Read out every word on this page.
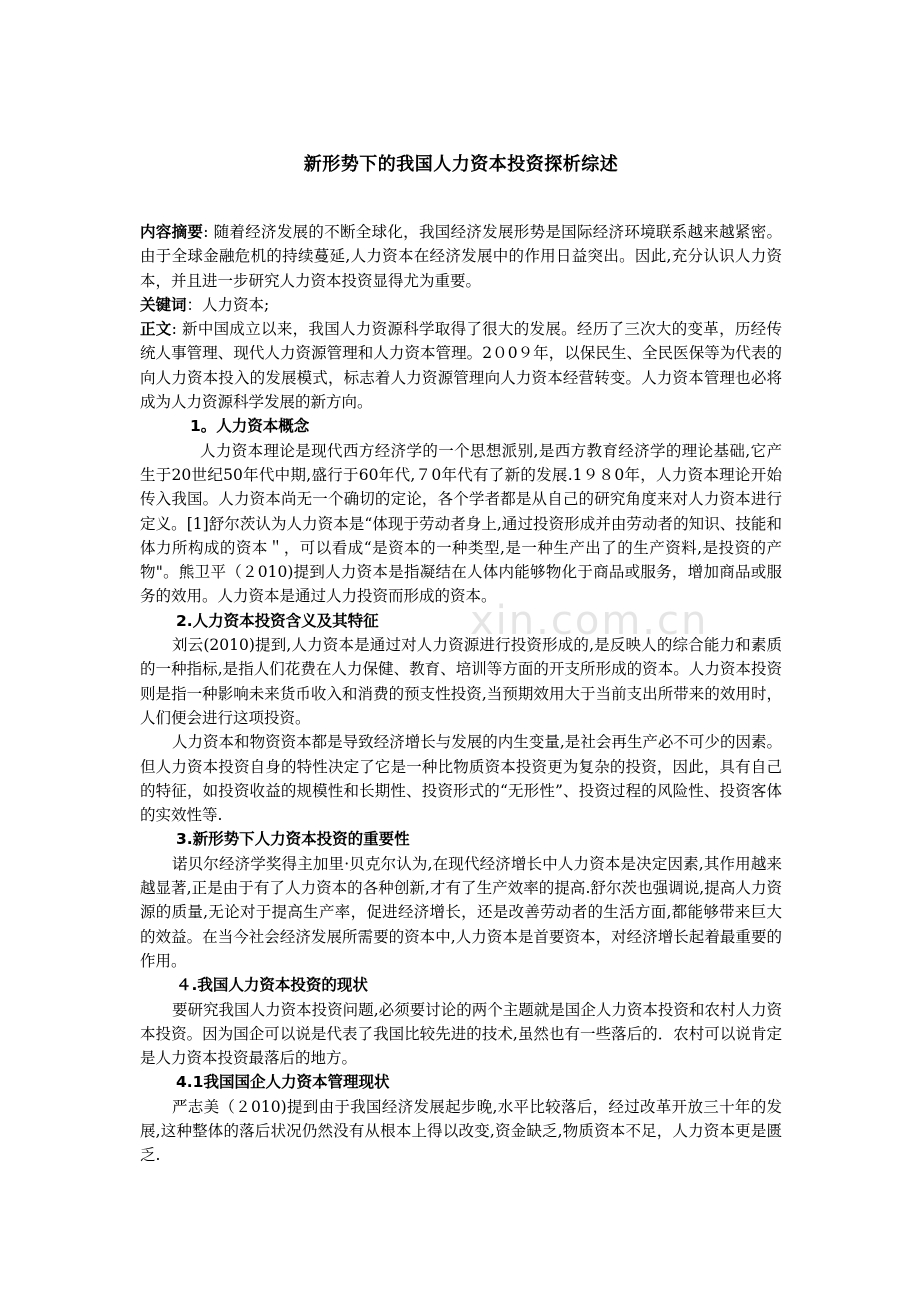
xin.com.cn
新形势下的我国人力资本投资探析综述

内容摘要: 随着经济发展的不断全球化，我国经济发展形势是国际经济环境联系越来越紧密。由于全球金融危机的持续蔓延,人力资本在经济发展中的作用日益突出。因此,充分认识人力资本，并且进一步研究人力资本投资显得尤为重要。

关键词：人力资本;

正文: 新中国成立以来，我国人力资源科学取得了很大的发展。经历了三次大的变革，历经传统人事管理、现代人力资源管理和人力资本管理。2０0９年，以保民生、全民医保等为代表的向人力资本投入的发展模式，标志着人力资源管理向人力资本经营转变。人力资本管理也必将成为人力资源科学发展的新方向。

1。人力资本概念

人力资本理论是现代西方经济学的一个思想派别,是西方教育经济学的理论基础,它产生于20世纪50年代中期,盛行于60年代,７0年代有了新的发展.1９８0年，人力资本理论开始传入我国。人力资本尚无一个确切的定论，各个学者都是从自己的研究角度来对人力资本进行定义。[1]舒尔茨认为人力资本是“体现于劳动者身上,通过投资形成并由劳动者的知识、技能和体力所构成的资本＂，可以看成“是资本的一种类型,是一种生产出了的生产资料,是投资的产物"。熊卫平（２010)提到人力资本是指凝结在人体内能够物化于商品或服务，增加商品或服务的效用。人力资本是通过人力投资而形成的资本。

2.人力资本投资含义及其特征

刘云(2010)提到,人力资本是通过对人力资源进行投资形成的,是反映人的综合能力和素质的一种指标,是指人们花费在人力保健、教育、培训等方面的开支所形成的资本。人力资本投资则是指一种影响未来货币收入和消费的预支性投资,当预期效用大于当前支出所带来的效用时，人们便会进行这项投资。

人力资本和物资资本都是导致经济增长与发展的内生变量,是社会再生产必不可少的因素。但人力资本投资自身的特性决定了它是一种比物质资本投资更为复杂的投资，因此，具有自己的特征，如投资收益的规模性和长期性、投资形式的“无形性”、投资过程的风险性、投资客体的实效性等.

3.新形势下人力资本投资的重要性

诺贝尔经济学奖得主加里·贝克尔认为,在现代经济增长中人力资本是决定因素,其作用越来越显著,正是由于有了人力资本的各种创新,才有了生产效率的提高.舒尔茨也强调说,提高人力资源的质量,无论对于提高生产率，促进经济增长，还是改善劳动者的生活方面,都能够带来巨大的效益。在当今社会经济发展所需要的资本中,人力资本是首要资本，对经济增长起着最重要的作用。

４.我国人力资本投资的现状

要研究我国人力资本投资问题,必须要讨论的两个主题就是国企人力资本投资和农村人力资本投资。因为国企可以说是代表了我国比较先进的技术,虽然也有一些落后的．农村可以说肯定是人力资本投资最落后的地方。

4.1我国国企人力资本管理现状

严志美（２010)提到由于我国经济发展起步晚,水平比较落后，经过改革开放三十年的发展,这种整体的落后状况仍然没有从根本上得以改变,资金缺乏,物质资本不足，人力资本更是匮乏.
